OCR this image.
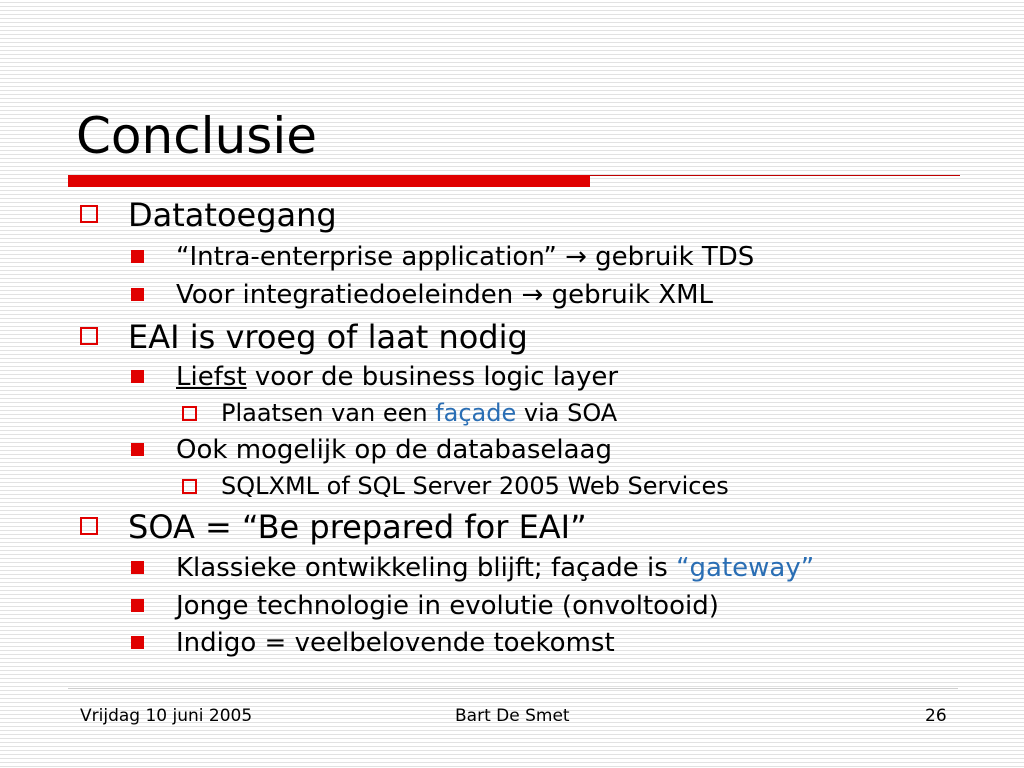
Conclusie
Datatoegang
“Intra-enterprise application” → gebruik TDS
Voor integratiedoeleinden → gebruik XML
EAI is vroeg of laat nodig
Liefst voor de business logic layer
Plaatsen van een façade via SOA
Ook mogelijk op de databaselaag
SQLXML of SQL Server 2005 Web Services
SOA = “Be prepared for EAI”
Klassieke ontwikkeling blijft; façade is “gateway”
Jonge technologie in evolutie (onvoltooid)
Indigo = veelbelovende toekomst
Vrijdag 10 juni 2005	Bart De Smet	26
